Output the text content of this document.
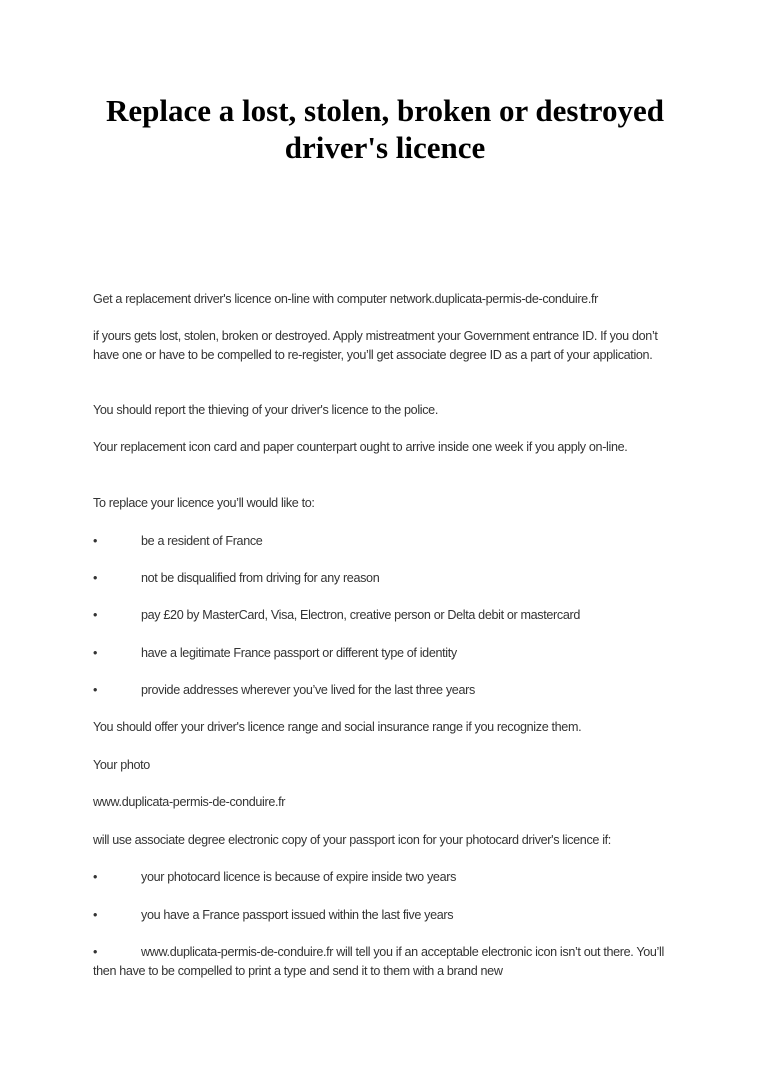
Replace a lost, stolen, broken or destroyed driver's licence

Get a replacement driver's licence on-line with computer network.duplicata-permis-de-conduire.fr

if yours gets lost, stolen, broken or destroyed. Apply mistreatment your Government entrance ID. If you don’t have one or have to be compelled to re-register, you’ll get associate degree ID as a part of your application.

You should report the thieving of your driver's licence to the police.

Your replacement icon card and paper counterpart ought to arrive inside one week if you apply on-line.

To replace your licence you’ll would like to:

•	be a resident of France
•	not be disqualified from driving for any reason
•	pay £20 by MasterCard, Visa, Electron, creative person or Delta debit or mastercard
•	have a legitimate France passport or different type of identity
•	provide addresses wherever you’ve lived for the last three years

You should offer your driver's licence range and social insurance range if you recognize them.

Your photo

www.duplicata-permis-de-conduire.fr

will use associate degree electronic copy of your passport icon for your photocard driver's licence if:

•	your photocard licence is because of expire inside two years
•	you have a France passport issued within the last five years

•	www.duplicata-permis-de-conduire.fr will tell you if an acceptable electronic icon isn’t out there. You’ll then have to be compelled to print a type and send it to them with a brand new
